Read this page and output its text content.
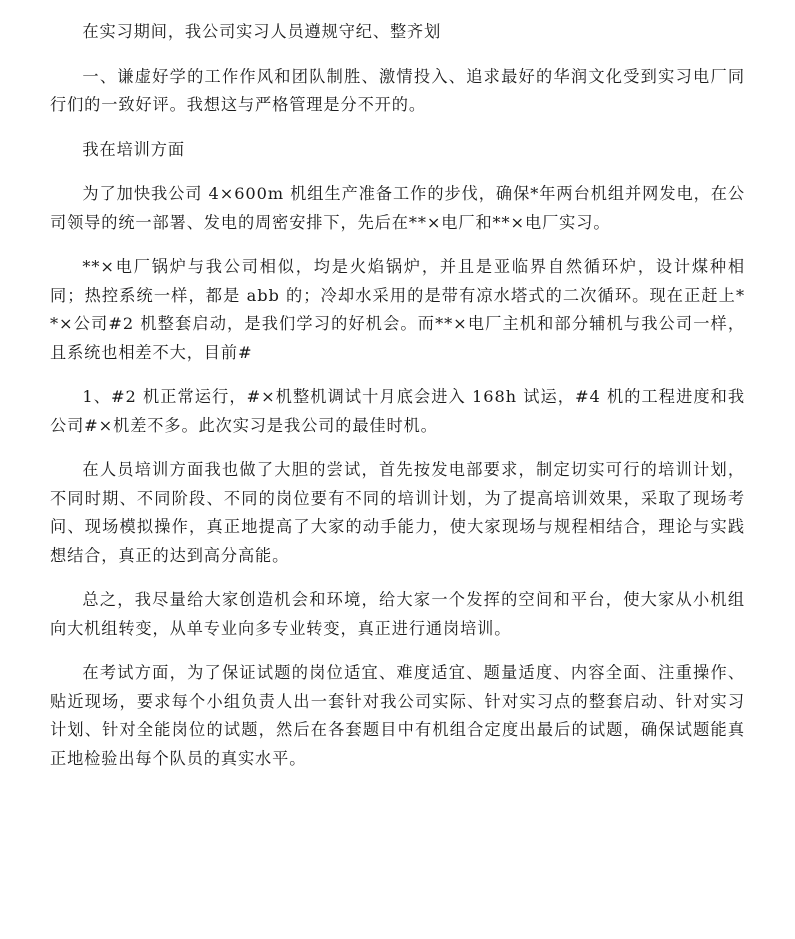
在实习期间，我公司实习人员遵规守纪、整齐划

一、谦虚好学的工作作风和团队制胜、激情投入、追求最好的华润文化受到实习电厂同行们的一致好评。我想这与严格管理是分不开的。

我在培训方面

为了加快我公司 4×600m 机组生产准备工作的步伐，确保*年两台机组并网发电，在公司领导的统一部署、发电的周密安排下，先后在**×电厂和**×电厂实习。

**×电厂锅炉与我公司相似，均是火焰锅炉，并且是亚临界自然循环炉，设计煤种相同；热控系统一样，都是 abb 的；冷却水采用的是带有凉水塔式的二次循环。现在正赶上**×公司#2 机整套启动，是我们学习的好机会。而**×电厂主机和部分辅机与我公司一样，且系统也相差不大，目前#

1、#2 机正常运行，#×机整机调试十月底会进入 168h 试运，#4 机的工程进度和我公司#×机差不多。此次实习是我公司的最佳时机。

在人员培训方面我也做了大胆的尝试，首先按发电部要求，制定切实可行的培训计划，不同时期、不同阶段、不同的岗位要有不同的培训计划，为了提高培训效果，采取了现场考问、现场模拟操作，真正地提高了大家的动手能力，使大家现场与规程相结合，理论与实践想结合，真正的达到高分高能。

总之，我尽量给大家创造机会和环境，给大家一个发挥的空间和平台，使大家从小机组向大机组转变，从单专业向多专业转变，真正进行通岗培训。

在考试方面，为了保证试题的岗位适宜、难度适宜、题量适度、内容全面、注重操作、贴近现场，要求每个小组负责人出一套针对我公司实际、针对实习点的整套启动、针对实习计划、针对全能岗位的试题，然后在各套题目中有机组合定度出最后的试题，确保试题能真正地检验出每个队员的真实水平。
